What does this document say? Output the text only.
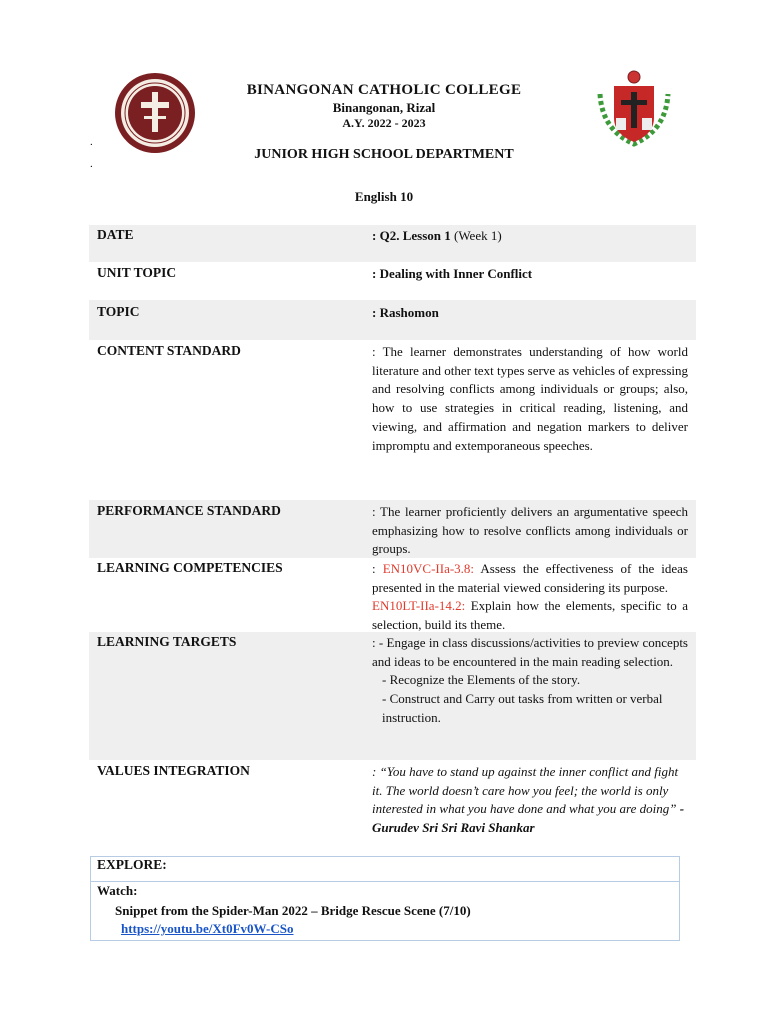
BINANGONAN CATHOLIC COLLEGE
Binangonan, Rizal
A.Y. 2022 - 2023
.
.
JUNIOR HIGH SCHOOL DEPARTMENT
English 10
DATE	: Q2. Lesson 1 (Week 1)
UNIT TOPIC	: Dealing with Inner Conflict
TOPIC	: Rashomon
CONTENT STANDARD	: The learner demonstrates understanding of how world literature and other text types serve as vehicles of expressing and resolving conflicts among individuals or groups; also, how to use strategies in critical reading, listening, and viewing, and affirmation and negation markers to deliver impromptu and extemporaneous speeches.
PERFORMANCE STANDARD	: The learner proficiently delivers an argumentative speech emphasizing how to resolve conflicts among individuals or groups.
LEARNING COMPETENCIES	: EN10VC-IIa-3.8: Assess the effectiveness of the ideas presented in the material viewed considering its purpose.
EN10LT-IIa-14.2: Explain how the elements, specific to a selection, build its theme.
LEARNING TARGETS	: - Engage in class discussions/activities to preview concepts and ideas to be encountered in the main reading selection.
- Recognize the Elements of the story.
- Construct and Carry out tasks from written or verbal instruction.
VALUES INTEGRATION	: “You have to stand up against the inner conflict and fight it. The world doesn’t care how you feel; the world is only interested in what you have done and what you are doing” -Gurudev Sri Sri Ravi Shankar
EXPLORE:
Watch:
Snippet from the Spider-Man 2022 – Bridge Rescue Scene (7/10)
https://youtu.be/Xt0Fv0W-CSo
